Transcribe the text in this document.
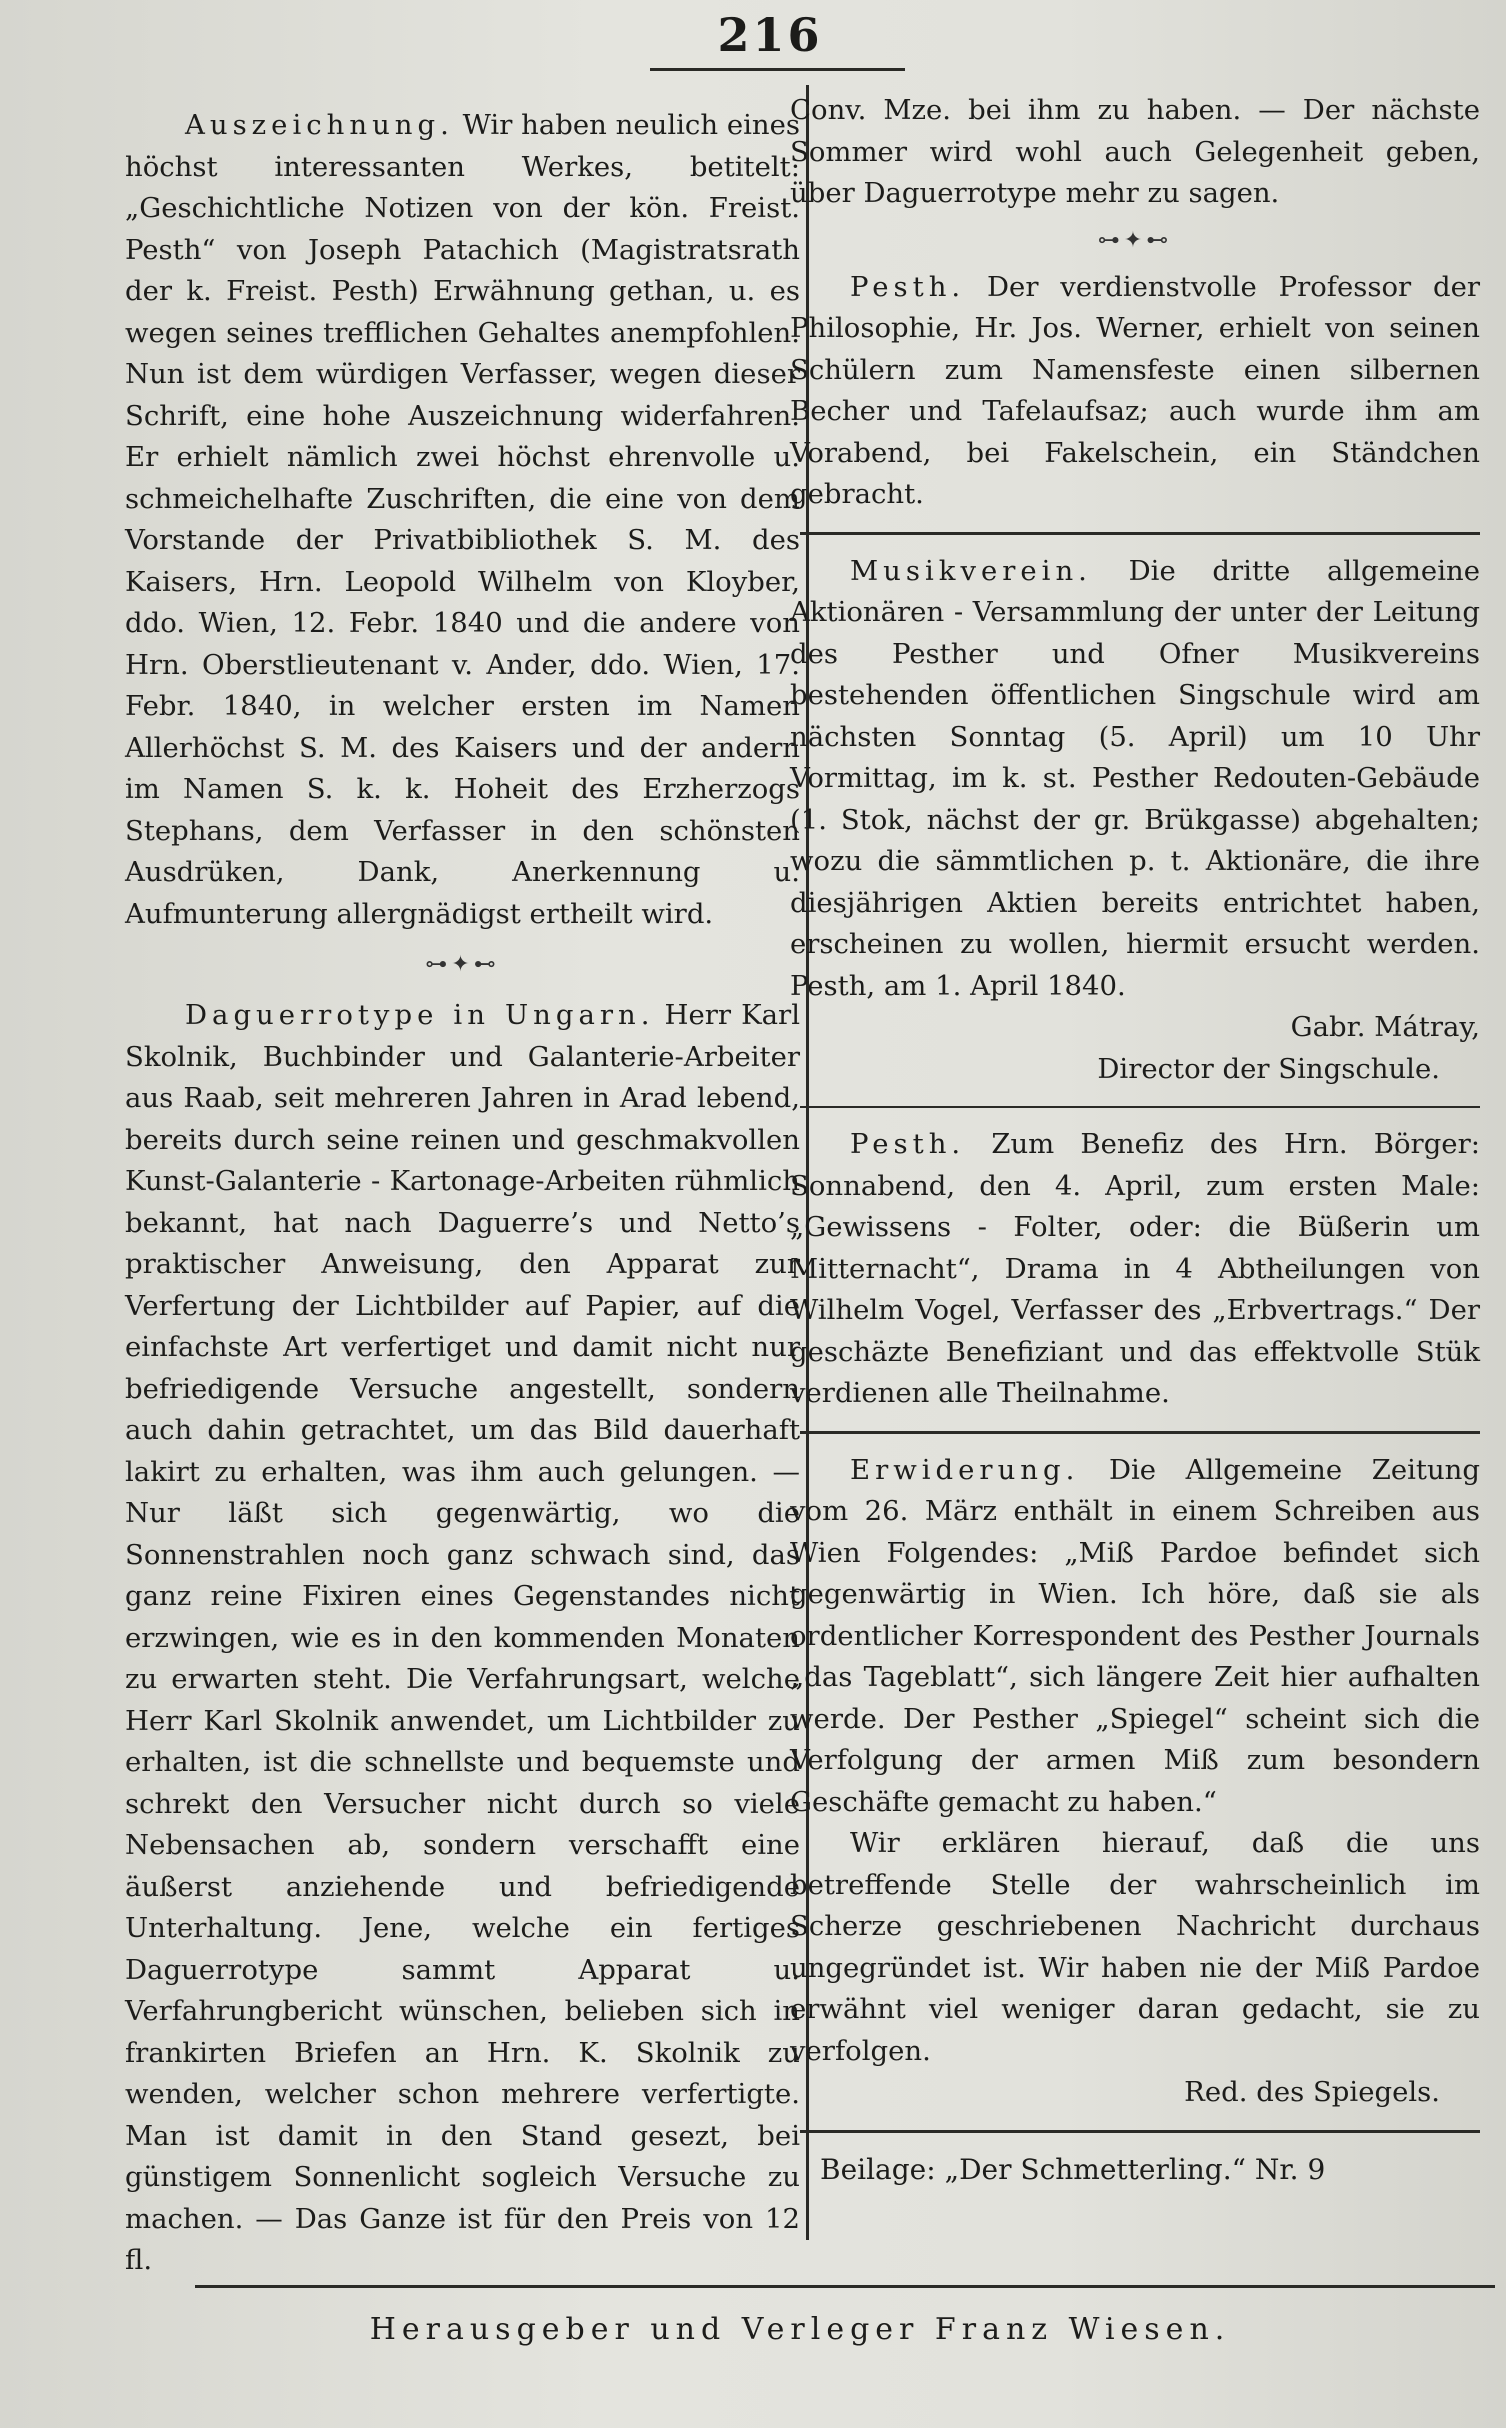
216

Auszeichnung. Wir haben neulich eines höchst interessanten Werkes, betitelt: „Geschichtliche Notizen von der kön. Freist. Pesth“ von Joseph Patachich (Magistratsrath der k. Freist. Pesth) Erwähnung gethan, u. es wegen seines trefflichen Gehaltes anempfohlen. Nun ist dem würdigen Verfasser, wegen dieser Schrift, eine hohe Auszeichnung widerfahren. Er erhielt nämlich zwei höchst ehrenvolle u. schmeichelhafte Zuschriften, die eine von dem Vorstande der Privatbibliothek S. M. des Kaisers, Hrn. Leopold Wilhelm von Kloyber, ddo. Wien, 12. Febr. 1840 und die andere von Hrn. Oberstlieutenant v. Ander, ddo. Wien, 17. Febr. 1840, in welcher ersten im Namen Allerhöchst S. M. des Kaisers und der andern im Namen S. k. k. Hoheit des Erzherzogs Stephans, dem Verfasser in den schönsten Ausdrüken, Dank, Anerkennung u. Aufmunterung allergnädigst ertheilt wird.

⊶✦⊷

Daguerrotype in Ungarn. Herr Karl Skolnik, Buchbinder und Galanterie-Arbeiter aus Raab, seit mehreren Jahren in Arad lebend, bereits durch seine reinen und geschmakvollen Kunst-Galanterie - Kartonage-Arbeiten rühmlich bekannt, hat nach Daguerre’s und Netto’s praktischer Anweisung, den Apparat zur Verfertung der Lichtbilder auf Papier, auf die einfachste Art verfertiget und damit nicht nur befriedigende Versuche angestellt, sondern auch dahin getrachtet, um das Bild dauerhaft lakirt zu erhalten, was ihm auch gelungen. — Nur läßt sich gegenwärtig, wo die Sonnenstrahlen noch ganz schwach sind, das ganz reine Fixiren eines Gegenstandes nicht erzwingen, wie es in den kommenden Monaten zu erwarten steht. Die Verfahrungsart, welche Herr Karl Skolnik anwendet, um Lichtbilder zu erhalten, ist die schnellste und bequemste und schrekt den Versucher nicht durch so viele Nebensachen ab, sondern verschafft eine äußerst anziehende und befriedigende Unterhaltung. Jene, welche ein fertiges Daguerrotype sammt Apparat u. Verfahrungbericht wünschen, belieben sich in frankirten Briefen an Hrn. K. Skolnik zu wenden, welcher schon mehrere verfertigte. Man ist damit in den Stand gesezt, bei günstigem Sonnenlicht sogleich Versuche zu machen. — Das Ganze ist für den Preis von 12 fl.

Conv. Mze. bei ihm zu haben. — Der nächste Sommer wird wohl auch Gelegenheit geben, über Daguerrotype mehr zu sagen.

⊶✦⊷

Pesth. Der verdienstvolle Professor der Philosophie, Hr. Jos. Werner, erhielt von seinen Schülern zum Namensfeste einen silbernen Becher und Tafelaufsaz; auch wurde ihm am Vorabend, bei Fakelschein, ein Ständchen gebracht.

Musikverein. Die dritte allgemeine Aktionären - Versammlung der unter der Leitung des Pesther und Ofner Musikvereins bestehenden öffentlichen Singschule wird am nächsten Sonntag (5. April) um 10 Uhr Vormittag, im k. st. Pesther Redouten-Gebäude (1. Stok, nächst der gr. Brükgasse) abgehalten; wozu die sämmtlichen p. t. Aktionäre, die ihre diesjährigen Aktien bereits entrichtet haben, erscheinen zu wollen, hiermit ersucht werden. Pesth, am 1. April 1840.

Gabr. Mátray,

Director der Singschule.

Pesth. Zum Benefiz des Hrn. Börger: Sonnabend, den 4. April, zum ersten Male: „Gewissens - Folter, oder: die Büßerin um Mitternacht“, Drama in 4 Abtheilungen von Wilhelm Vogel, Verfasser des „Erbvertrags.“ Der geschäzte Benefiziant und das effektvolle Stük verdienen alle Theilnahme.

Erwiderung. Die Allgemeine Zeitung vom 26. März enthält in einem Schreiben aus Wien Folgendes: „Miß Pardoe befindet sich gegenwärtig in Wien. Ich höre, daß sie als ordentlicher Korrespondent des Pesther Journals „das Tageblatt“, sich längere Zeit hier aufhalten werde. Der Pesther „Spiegel“ scheint sich die Verfolgung der armen Miß zum besondern Geschäfte gemacht zu haben.“

Wir erklären hierauf, daß die uns betreffende Stelle der wahrscheinlich im Scherze geschriebenen Nachricht durchaus ungegründet ist. Wir haben nie der Miß Pardoe erwähnt viel weniger daran gedacht, sie zu verfolgen.

Red. des Spiegels.

Beilage: „Der Schmetterling.“ Nr. 9
Herausgeber und Verleger Franz Wiesen.
